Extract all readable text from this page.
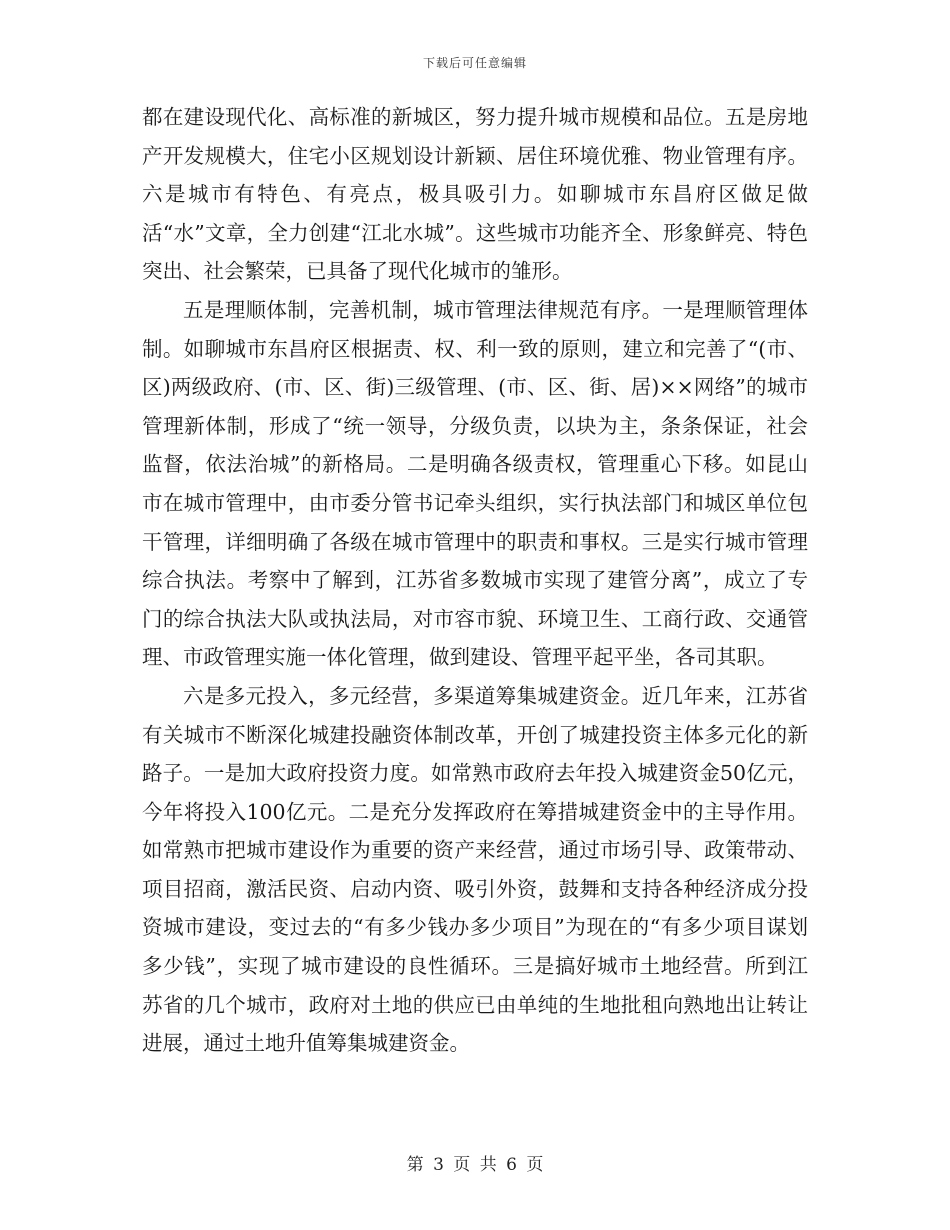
下载后可任意编辑

都在建设现代化、高标准的新城区，努力提升城市规模和品位。五是房地产开发规模大，住宅小区规划设计新颖、居住环境优雅、物业管理有序。六是城市有特色、有亮点，极具吸引力。如聊城市东昌府区做足做活“水”文章，全力创建“江北水城”。这些城市功能齐全、形象鲜亮、特色突出、社会繁荣，已具备了现代化城市的雏形。

五是理顺体制，完善机制，城市管理法律规范有序。一是理顺管理体制。如聊城市东昌府区根据责、权、利一致的原则，建立和完善了“(市、区)两级政府、(市、区、街)三级管理、(市、区、街、居)××网络”的城市管理新体制，形成了“统一领导，分级负责，以块为主，条条保证，社会监督，依法治城”的新格局。二是明确各级责权，管理重心下移。如昆山市在城市管理中，由市委分管书记牵头组织，实行执法部门和城区单位包干管理，详细明确了各级在城市管理中的职责和事权。三是实行城市管理综合执法。考察中了解到，江苏省多数城市实现了建管分离”，成立了专门的综合执法大队或执法局，对市容市貌、环境卫生、工商行政、交通管理、市政管理实施一体化管理，做到建设、管理平起平坐，各司其职。

六是多元投入，多元经营，多渠道筹集城建资金。近几年来，江苏省有关城市不断深化城建投融资体制改革，开创了城建投资主体多元化的新路子。一是加大政府投资力度。如常熟市政府去年投入城建资金50亿元，今年将投入100亿元。二是充分发挥政府在筹措城建资金中的主导作用。如常熟市把城市建设作为重要的资产来经营，通过市场引导、政策带动、项目招商，激活民资、启动内资、吸引外资，鼓舞和支持各种经济成分投资城市建设，变过去的“有多少钱办多少项目”为现在的“有多少项目谋划多少钱”，实现了城市建设的良性循环。三是搞好城市土地经营。所到江苏省的几个城市，政府对土地的供应已由单纯的生地批租向熟地出让转让进展，通过土地升值筹集城建资金。

第 3 页 共 6 页
